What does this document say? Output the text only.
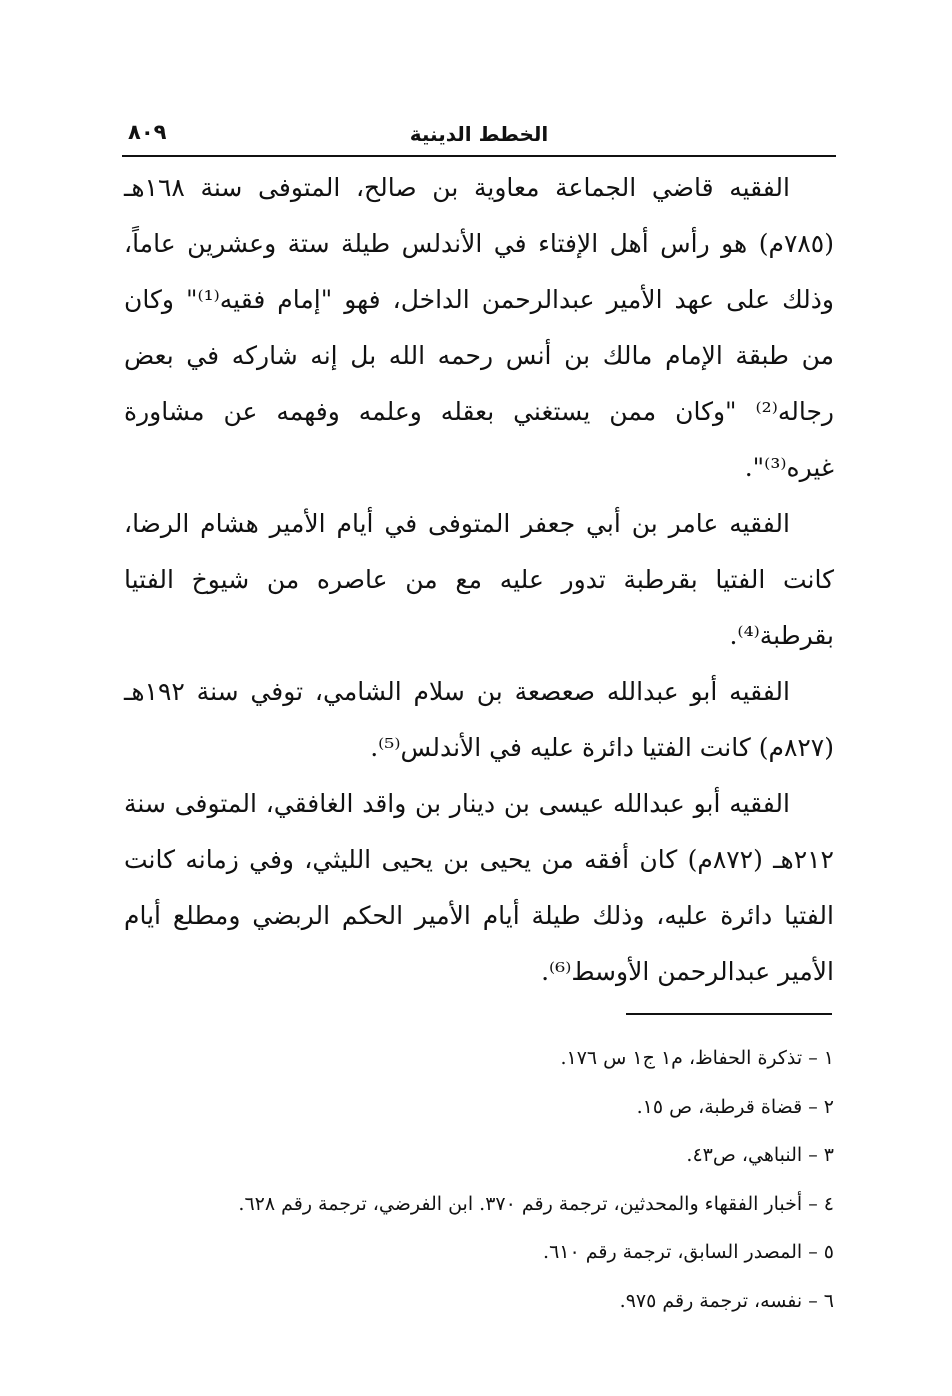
الخطط الدينية
٨٠٩

الفقيه قاضي الجماعة معاوية بن صالح، المتوفى سنة ١٦٨هـ (٧٨٥م) هو رأس أهل الإفتاء في الأندلس طيلة ستة وعشرين عاماً، وذلك على عهد الأمير عبدالرحمن الداخل، فهو "إمام فقيه⁽¹⁾" وكان من طبقة الإمام مالك بن أنس رحمه الله بل إنه شاركه في بعض رجاله⁽²⁾ "وكان ممن يستغني بعقله وعلمه وفهمه عن مشاورة غيره⁽³⁾".

الفقيه عامر بن أبي جعفر المتوفى في أيام الأمير هشام الرضا، كانت الفتيا بقرطبة تدور عليه مع من عاصره من شيوخ الفتيا بقرطبة⁽⁴⁾.

الفقيه أبو عبدالله صعصعة بن سلام الشامي، توفي سنة ١٩٢هـ (٨٢٧م) كانت الفتيا دائرة عليه في الأندلس⁽⁵⁾.

الفقيه أبو عبدالله عيسى بن دينار بن واقد الغافقي، المتوفى سنة ٢١٢هـ (٨٧٢م) كان أفقه من يحيى بن يحيى الليثي، وفي زمانه كانت الفتيا دائرة عليه، وذلك طيلة أيام الأمير الحكم الربضي ومطلع أيام الأمير عبدالرحمن الأوسط⁽⁶⁾.

١ – تذكرة الحفاظ، م١ ج١ س ١٧٦.
٢ – قضاة قرطبة، ص ١٥.
٣ – النباهي، ص٤٣.
٤ – أخبار الفقهاء والمحدثين، ترجمة رقم ٣٧٠. ابن الفرضي، ترجمة رقم ٦٢٨.
٥ – المصدر السابق، ترجمة رقم ٦١٠.
٦ – نفسه، ترجمة رقم ٩٧٥.
